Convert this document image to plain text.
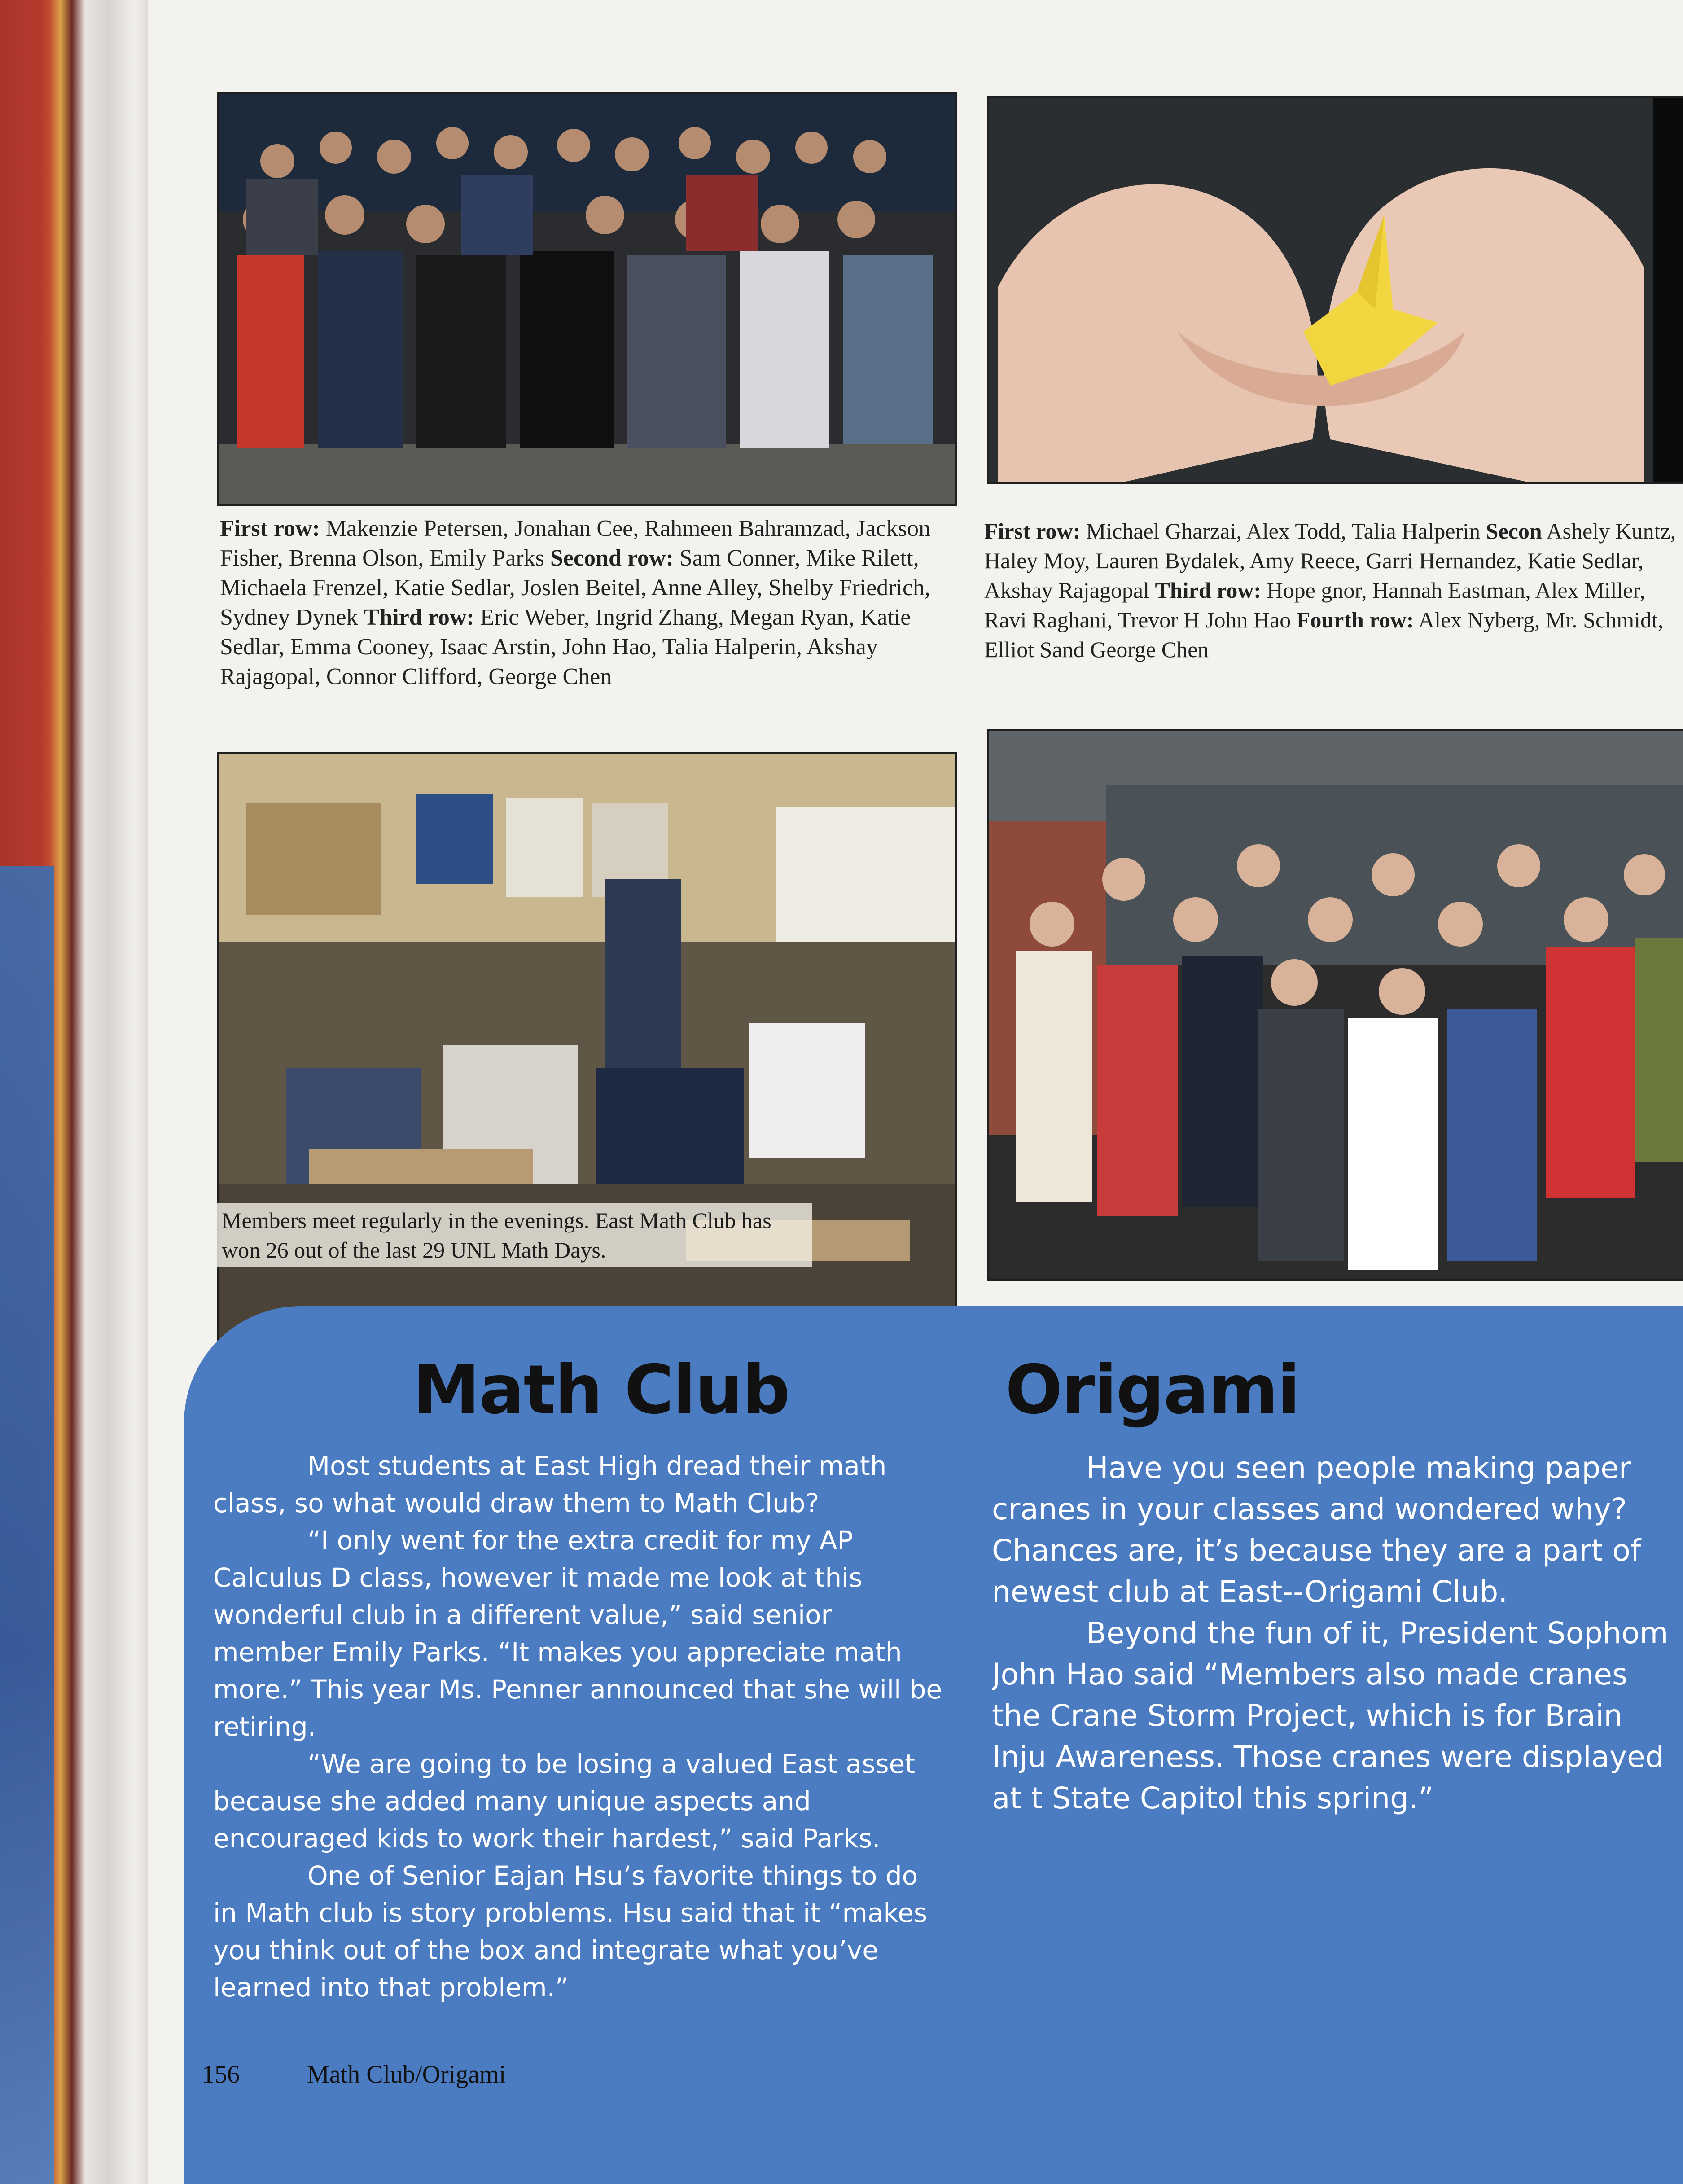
First row: Makenzie Petersen, Jonahan Cee, Rahmeen Bahramzad, Jackson Fisher, Brenna Olson, Emily Parks Second row: Sam Conner, Mike Rilett, Michaela Frenzel, Katie Sedlar, Joslen Beitel, Anne Alley, Shelby Friedrich, Sydney Dynek Third row: Eric Weber, Ingrid Zhang, Megan Ryan, Katie Sedlar, Emma Cooney, Isaac Arstin, John Hao, Talia Halperin, Akshay Rajagopal, Connor Clifford, George Chen
First row: Michael Gharzai, Alex Todd, Talia Halperin Secon Ashely Kuntz, Haley Moy, Lauren Bydalek, Amy Reece, Garri Hernandez, Katie Sedlar, Akshay Rajagopal Third row: Hope gnor, Hannah Eastman, Alex Miller, Ravi Raghani, Trevor H John Hao Fourth row: Alex Nyberg, Mr. Schmidt, Elliot Sand George Chen
Members meet regularly in the evenings. East Math Club has won 26 out of the last 29 UNL Math Days.
Math Club	Origami

Most students at East High dread their math class, so what would draw them to Math Club?

“I only went for the extra credit for my AP Calculus D class, however it made me look at this wonderful club in a different value,” said senior member Emily Parks. “It makes you appreciate math more.” This year Ms. Penner announced that she will be retiring.

“We are going to be losing a valued East asset because she added many unique aspects and encouraged kids to work their hardest,” said Parks.

One of Senior Eajan Hsu’s favorite things to do in Math club is story problems. Hsu said that it “makes you think out of the box and integrate what you’ve learned into that problem.”

Have you seen people making paper cranes in your classes and wondered why? Chances are, it’s because they are a part of newest club at East--Origami Club.

Beyond the fun of it, President Sophom John Hao said “Members also made cranes the Crane Storm Project, which is for Brain Inju Awareness. Those cranes were displayed at t State Capitol this spring.”

156	Math Club/Origami
